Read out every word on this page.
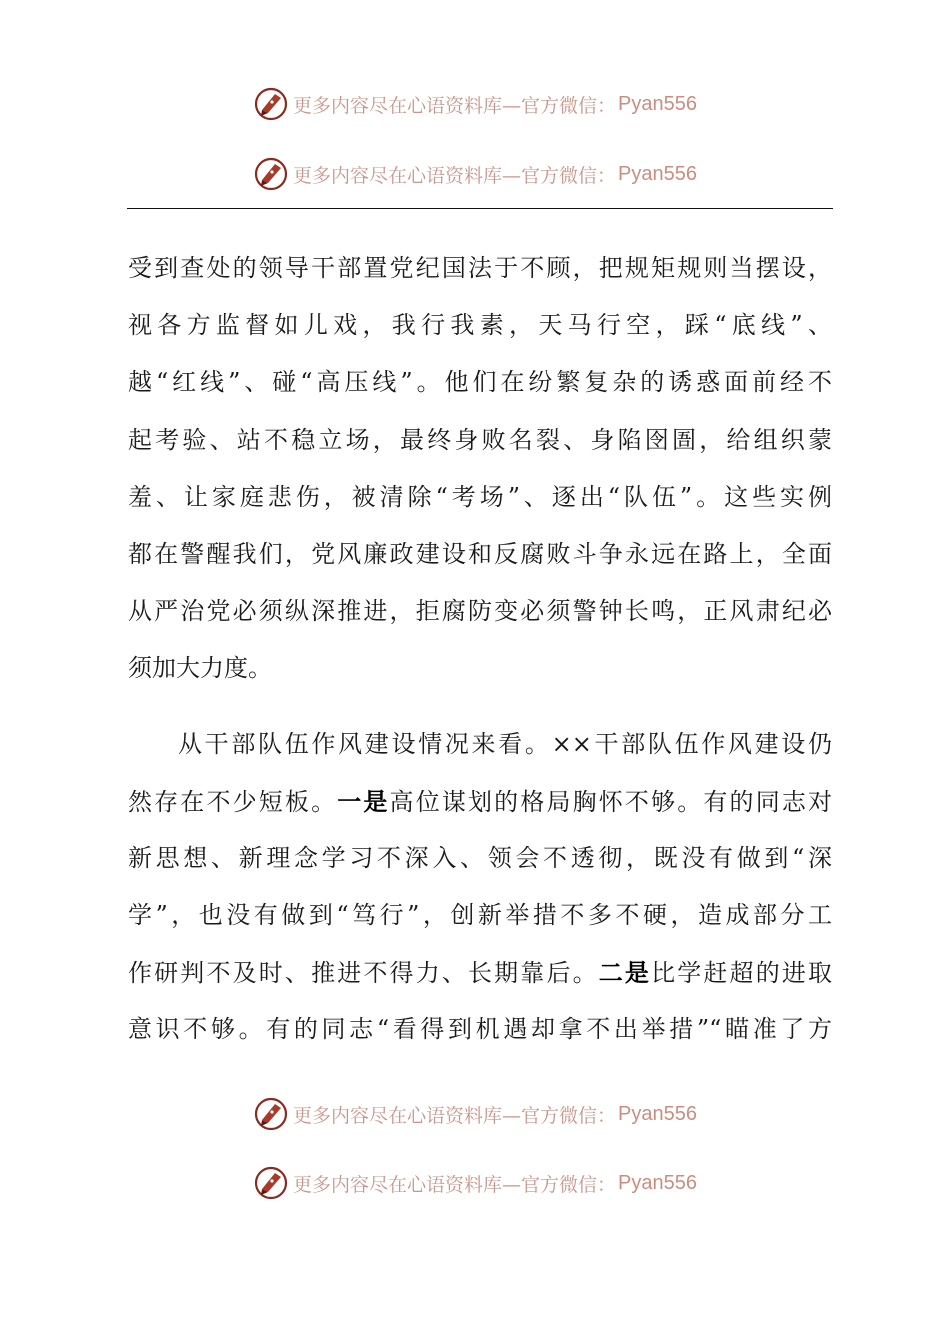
更多内容尽在心语资料库—官方微信： Pyan556
更多内容尽在心语资料库—官方微信： Pyan556
受到查处的领导干部置党纪国法于不顾，把规矩规则当摆设，
视各方监督如儿戏，我行我素，天马行空，踩“底线”、
越“红线”、碰“高压线”。他们在纷繁复杂的诱惑面前经不
起考验、站不稳立场，最终身败名裂、身陷囹圄，给组织蒙
羞、让家庭悲伤，被清除“考场”、逐出“队伍”。这些实例
都在警醒我们，党风廉政建设和反腐败斗争永远在路上，全面
从严治党必须纵深推进，拒腐防变必须警钟长鸣，正风肃纪必
须加大力度。
从干部队伍作风建设情况来看。××干部队伍作风建设仍
然存在不少短板。一是高位谋划的格局胸怀不够。有的同志对
新思想、新理念学习不深入、领会不透彻，既没有做到“深
学”，也没有做到“笃行”，创新举措不多不硬，造成部分工
作研判不及时、推进不得力、长期靠后。二是比学赶超的进取
意识不够。有的同志“看得到机遇却拿不出举措”“瞄准了方
更多内容尽在心语资料库—官方微信： Pyan556
更多内容尽在心语资料库—官方微信： Pyan556
